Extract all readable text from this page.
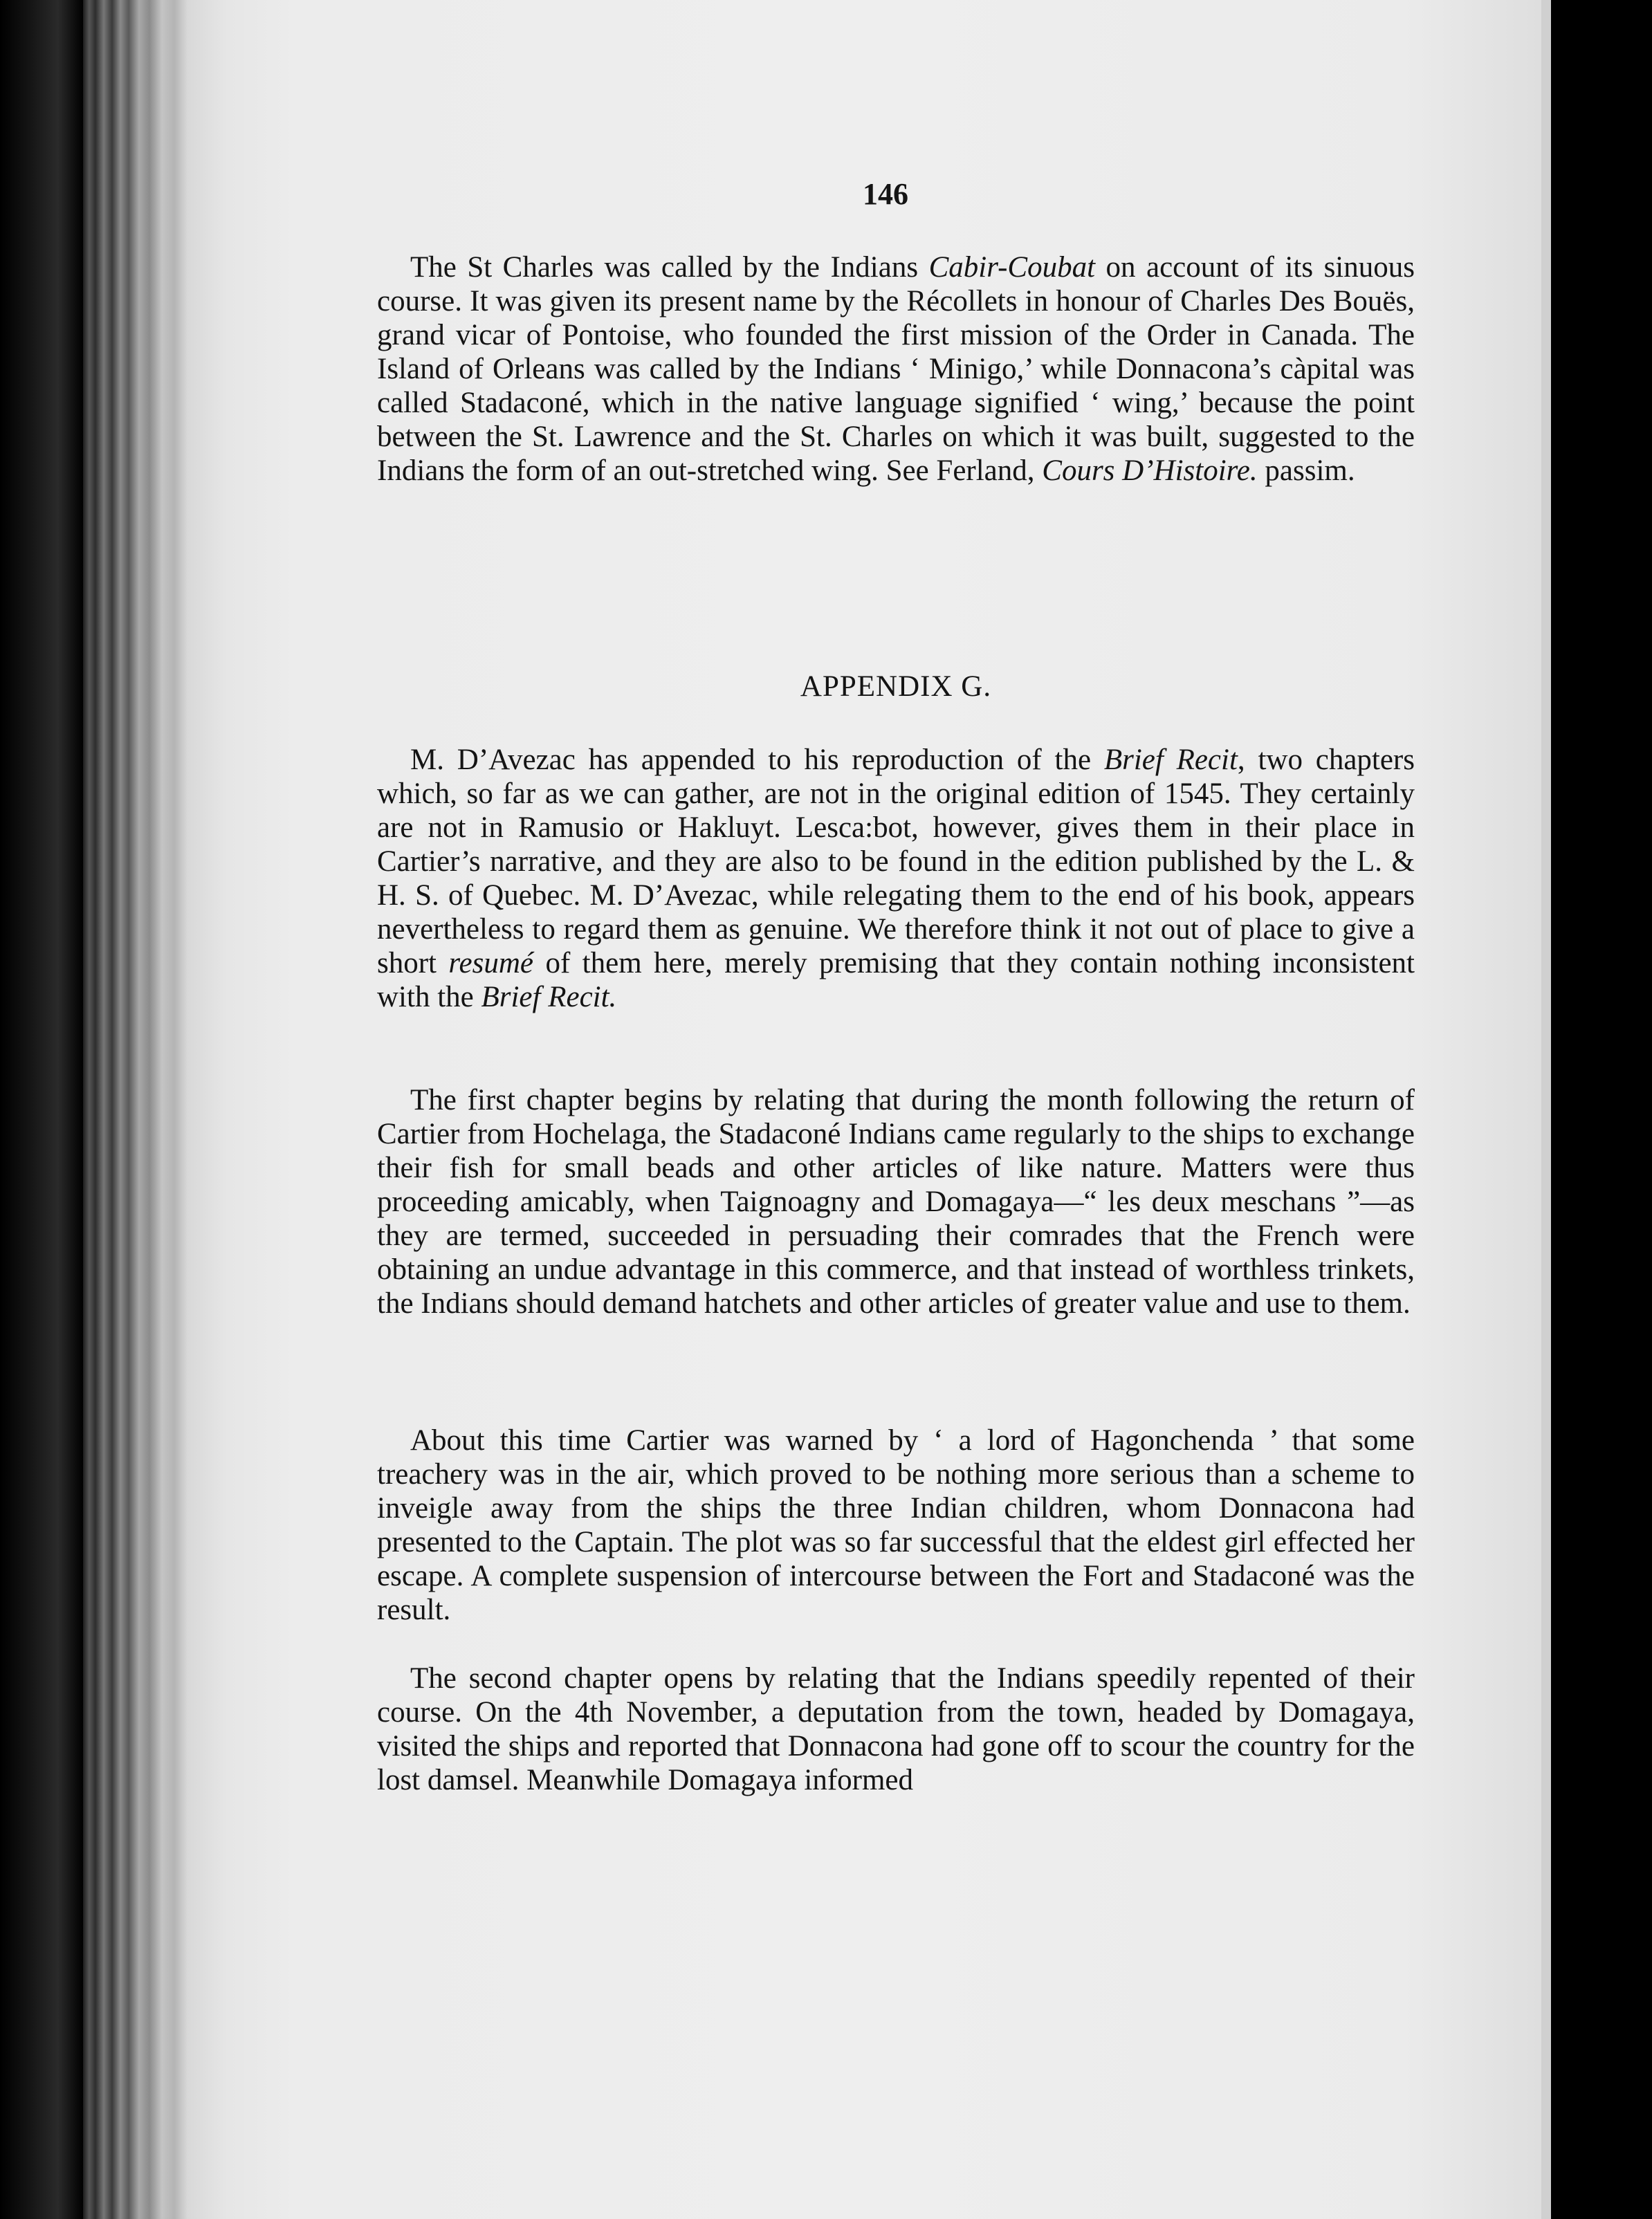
146

The St Charles was called by the Indians Cabir-Coubat on account of its sinuous course. It was given its present name by the Récollets in honour of Charles Des Bouës, grand vicar of Pontoise, who founded the first mission of the Order in Canada. The Island of Orleans was called by the Indians ‘ Minigo,’ while Donnacona’s càpital was called Stadaconé, which in the native language signified ‘ wing,’ because the point between the St. Lawrence and the St. Charles on which it was built, suggested to the Indians the form of an out-stretched wing. See Ferland, Cours D’Histoire. passim.

APPENDIX G.

M. D’Avezac has appended to his reproduction of the Brief Recit, two chapters which, so far as we can gather, are not in the original edition of 1545. They certainly are not in Ramusio or Hakluyt. Lesca:bot, however, gives them in their place in Cartier’s narrative, and they are also to be found in the edition published by the L. & H. S. of Quebec. M. D’Avezac, while relegating them to the end of his book, appears nevertheless to regard them as genuine. We therefore think it not out of place to give a short resumé of them here, merely premising that they contain nothing inconsistent with the Brief Recit.

The first chapter begins by relating that during the month following the return of Cartier from Hochelaga, the Stadaconé Indians came regularly to the ships to exchange their fish for small beads and other articles of like nature. Matters were thus proceeding amicably, when Taignoagny and Domagaya—“ les deux meschans ”—as they are termed, succeeded in persuading their comrades that the French were obtaining an undue advantage in this commerce, and that instead of worthless trinkets, the Indians should demand hatchets and other articles of greater value and use to them.

About this time Cartier was warned by ‘ a lord of Hagonchenda ’ that some treachery was in the air, which proved to be nothing more serious than a scheme to inveigle away from the ships the three Indian children, whom Donnacona had presented to the Captain. The plot was so far successful that the eldest girl effected her escape. A complete suspension of intercourse between the Fort and Stadaconé was the result.

The second chapter opens by relating that the Indians speedily repented of their course. On the 4th November, a deputation from the town, headed by Domagaya, visited the ships and reported that Donnacona had gone off to scour the country for the lost damsel. Meanwhile Domagaya informed
